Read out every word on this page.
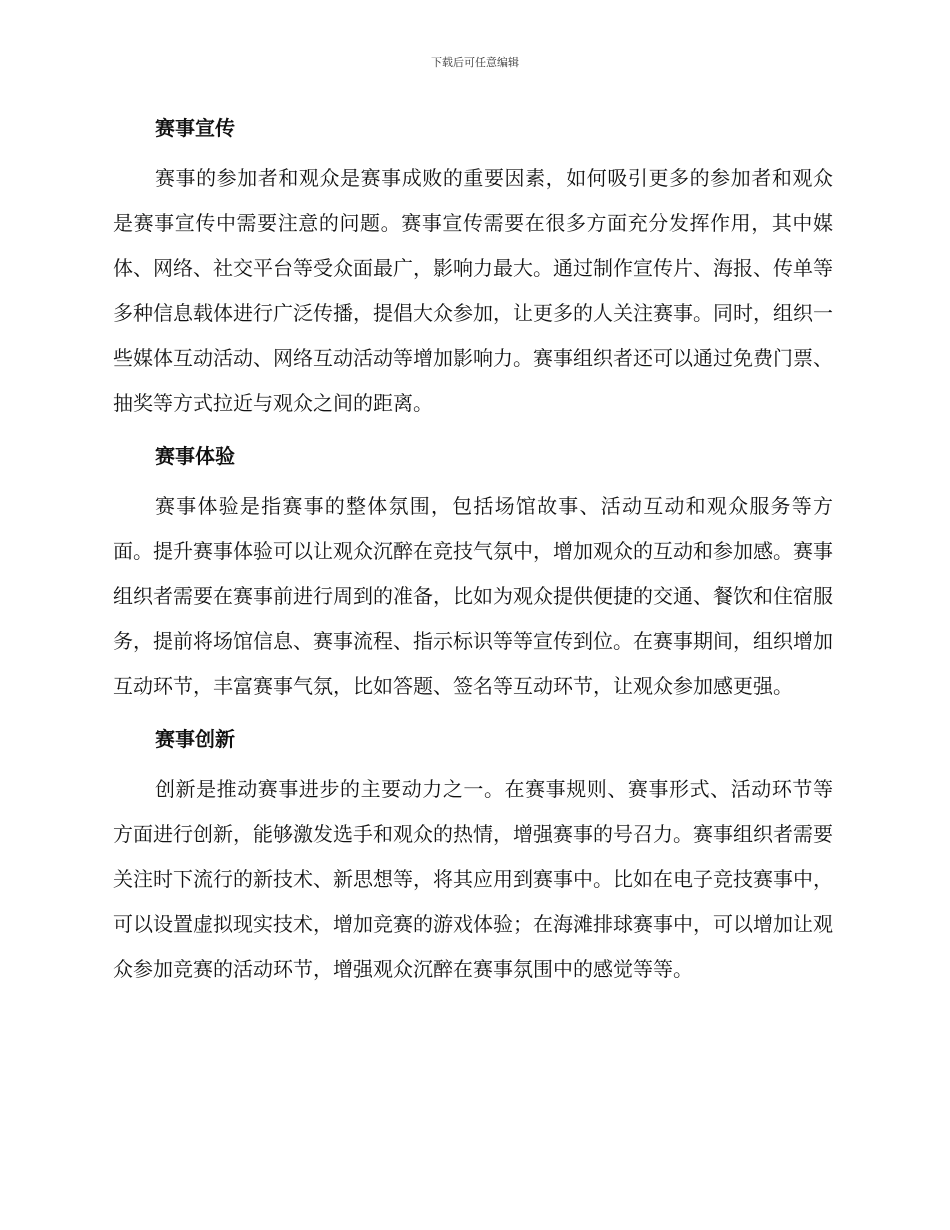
下载后可任意编辑

赛事宣传

赛事的参加者和观众是赛事成败的重要因素，如何吸引更多的参加者和观众是赛事宣传中需要注意的问题。赛事宣传需要在很多方面充分发挥作用，其中媒体、网络、社交平台等受众面最广，影响力最大。通过制作宣传片、海报、传单等多种信息载体进行广泛传播，提倡大众参加，让更多的人关注赛事。同时，组织一些媒体互动活动、网络互动活动等增加影响力。赛事组织者还可以通过免费门票、抽奖等方式拉近与观众之间的距离。

赛事体验

赛事体验是指赛事的整体氛围，包括场馆故事、活动互动和观众服务等方面。提升赛事体验可以让观众沉醉在竞技气氛中，增加观众的互动和参加感。赛事组织者需要在赛事前进行周到的准备，比如为观众提供便捷的交通、餐饮和住宿服务，提前将场馆信息、赛事流程、指示标识等等宣传到位。在赛事期间，组织增加互动环节，丰富赛事气氛，比如答题、签名等互动环节，让观众参加感更强。

赛事创新

创新是推动赛事进步的主要动力之一。在赛事规则、赛事形式、活动环节等方面进行创新，能够激发选手和观众的热情，增强赛事的号召力。赛事组织者需要关注时下流行的新技术、新思想等，将其应用到赛事中。比如在电子竞技赛事中，可以设置虚拟现实技术，增加竞赛的游戏体验；在海滩排球赛事中，可以增加让观众参加竞赛的活动环节，增强观众沉醉在赛事氛围中的感觉等等。
